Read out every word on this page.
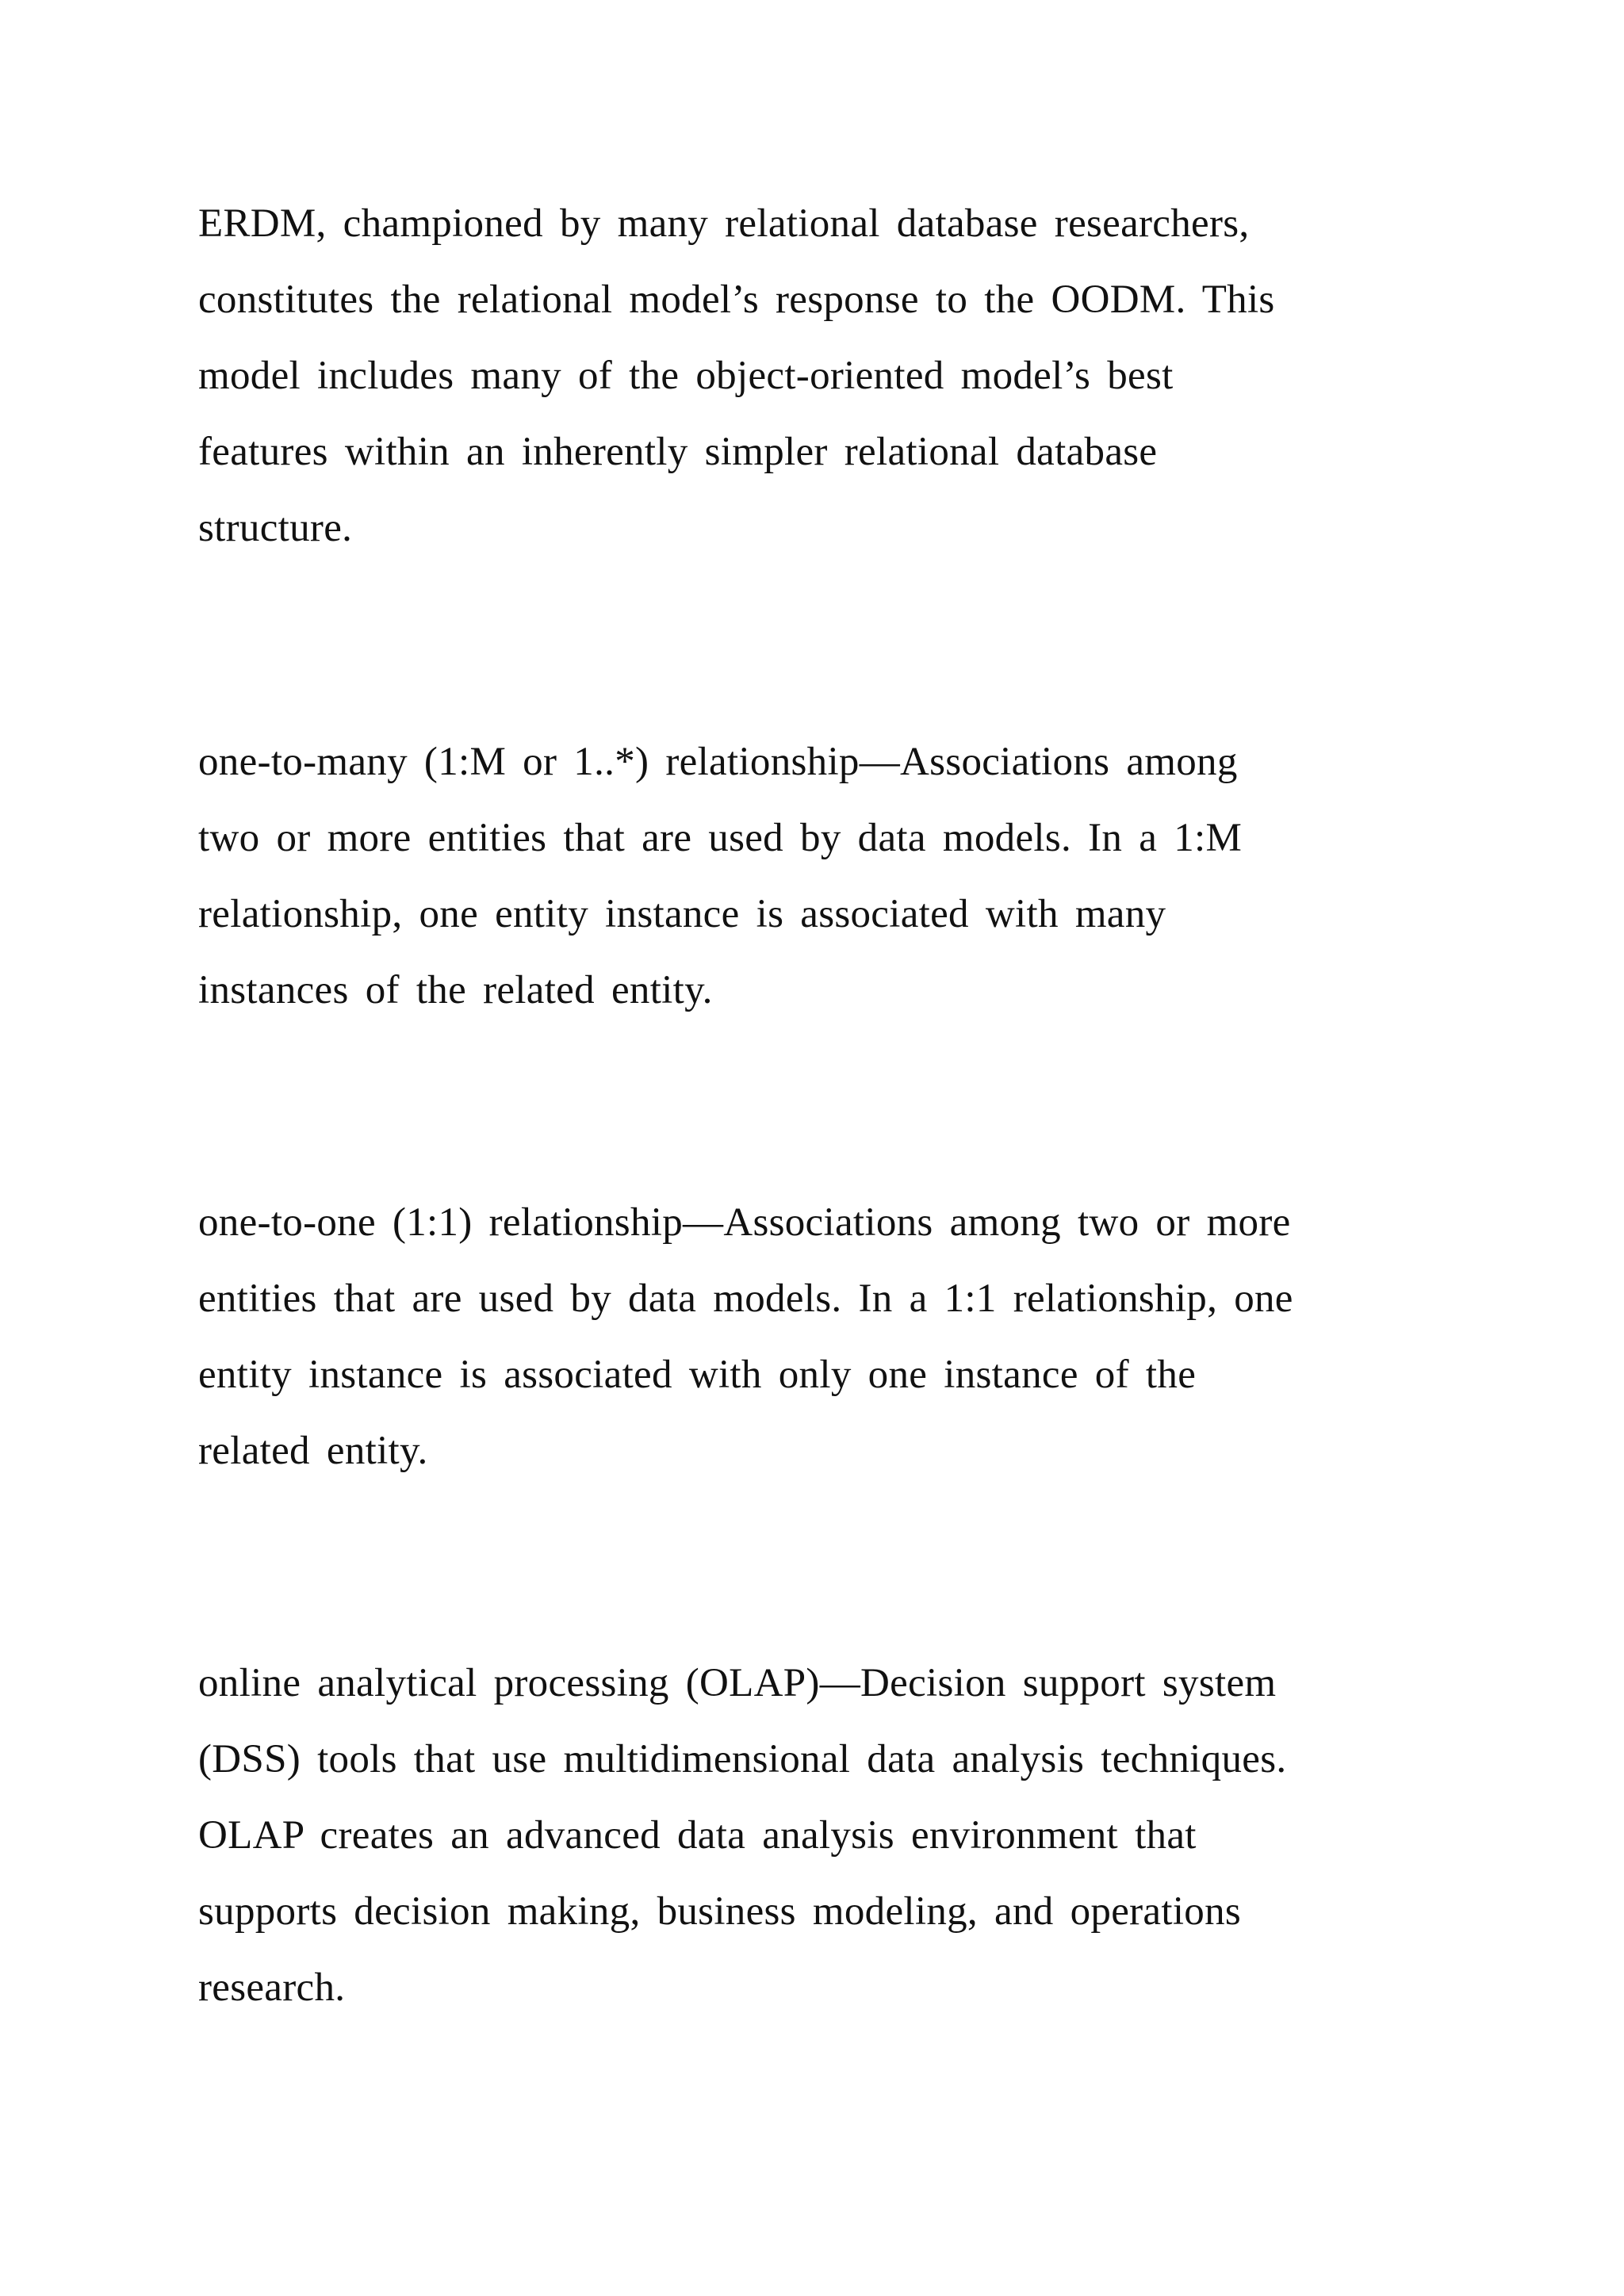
ERDM, championed by many relational database researchers,
constitutes the relational model’s response to the OODM. This
model includes many of the object-oriented model’s best
features within an inherently simpler relational database
structure.

one-to-many (1:M or 1..*) relationship—Associations among
two or more entities that are used by data models. In a 1:M
relationship, one entity instance is associated with many
instances of the related entity.

one-to-one (1:1) relationship—Associations among two or more
entities that are used by data models. In a 1:1 relationship, one
entity instance is associated with only one instance of the
related entity.

online analytical processing (OLAP)—Decision support system
(DSS) tools that use multidimensional data analysis techniques.
OLAP creates an advanced data analysis environment that
supports decision making, business modeling, and operations
research.
